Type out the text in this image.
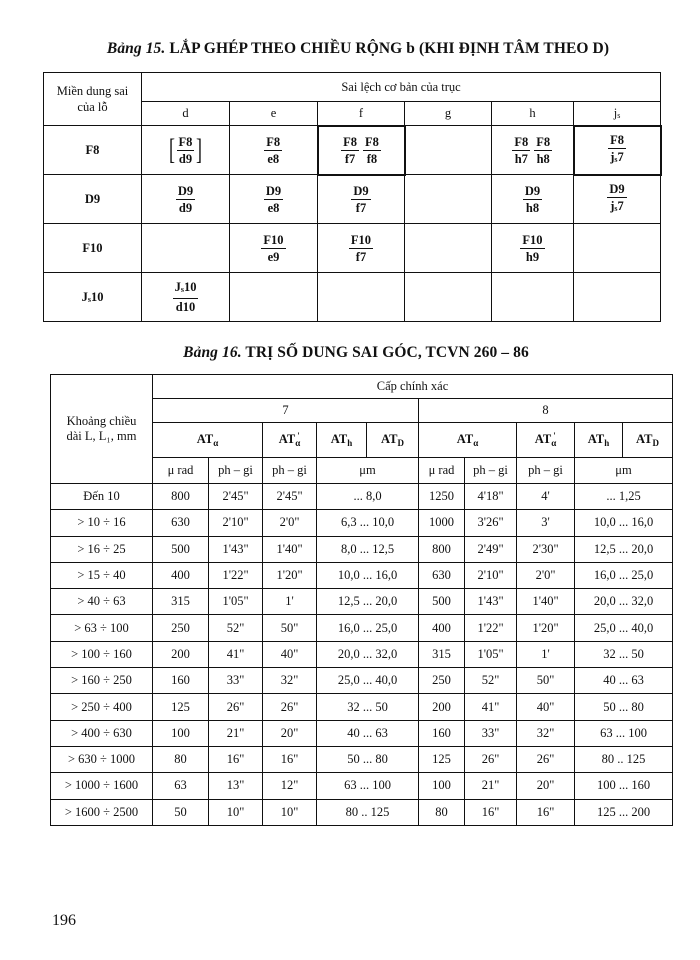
Bảng 15. LẮP GHÉP THEO CHIỀU RỘNG b (KHI ĐỊNH TÂM THEO D)
Miền dung sai của lỗ	Sai lệch cơ bản của trục					
	d	e	f	g	h	$j_s$
F8	[ $\frac{F8}{d9}$ ]	$\frac{F8}{e8}$	$\frac{F8}{f7} \frac{F8}{f8}$		$\frac{F8}{h7} \frac{F8}{h8}$	$\frac{F8}{j_s7}$

D9	$\frac{D9}{d9}$	$\frac{D9}{e8}$	$\frac{D9}{f7}$		$\frac{D9}{h8}$	$\frac{D9}{j_s7}$

F10		$\frac{F10}{e9}$	$\frac{F10}{f7}$		$\frac{F10}{h9}$

$J_s10$	$\frac{J_s10}{d10}$

Bảng 16. TRỊ SỐ DUNG SAI GÓC, TCVN 260 – 86
Khoảng chiều dài L, L₁, mm	Cấp chính xác									
	7					8				
	$AT_\alpha$		$AT_\alpha$ '	$AT_h$	$AT_D$	$AT_\alpha$		$AT_\alpha$ '	$AT_h$	$AT_D$
	μ rad	ph – gi	ph – gi	μm		μ rad	ph – gi	ph – gi	μm	
Đến 10	800	2'45"	2'45"	... 8,0		1250	4'18"	4'	... 1,25	
> 10 ÷ 16	630	2'10"	2'0"	6,3 ... 10,0		1000	3'26"	3'	10,0 ... 16,0	
> 16 ÷ 25	500	1'43"	1'40"	8,0 ... 12,5		800	2'49"	2'30"	12,5 ... 20,0	
> 15 ÷ 40	400	1'22"	1'20"	10,0 ... 16,0		630	2'10"	2'0"	16,0 ... 25,0	
> 40 ÷ 63	315	1'05"	1'	12,5 ... 20,0		500	1'43"	1'40"	20,0 ... 32,0	
> 63 ÷ 100	250	52"	50"	16,0 ... 25,0		400	1'22"	1'20"	25,0 ... 40,0	
> 100 ÷ 160	200	41"	40"	20,0 ... 32,0		315	1'05"	1'	32 ... 50	
> 160 ÷ 250	160	33"	32"	25,0 ... 40,0		250	52"	50"	40 ... 63	
> 250 ÷ 400	125	26"	26"	32 ... 50		200	41"	40"	50 ... 80	
> 400 ÷ 630	100	21"	20"	40 ... 63		160	33"	32"	63 ... 100	
> 630 ÷ 1000	80	16"	16"	50 ... 80		125	26"	26"	80 .. 125	
> 1000 ÷ 1600	63	13"	12"	63 ... 100		100	21"	20"	100 ... 160	
> 1600 ÷ 2500	50	10"	10"	80 .. 125		80	16"	16"	125 ... 200	
196
